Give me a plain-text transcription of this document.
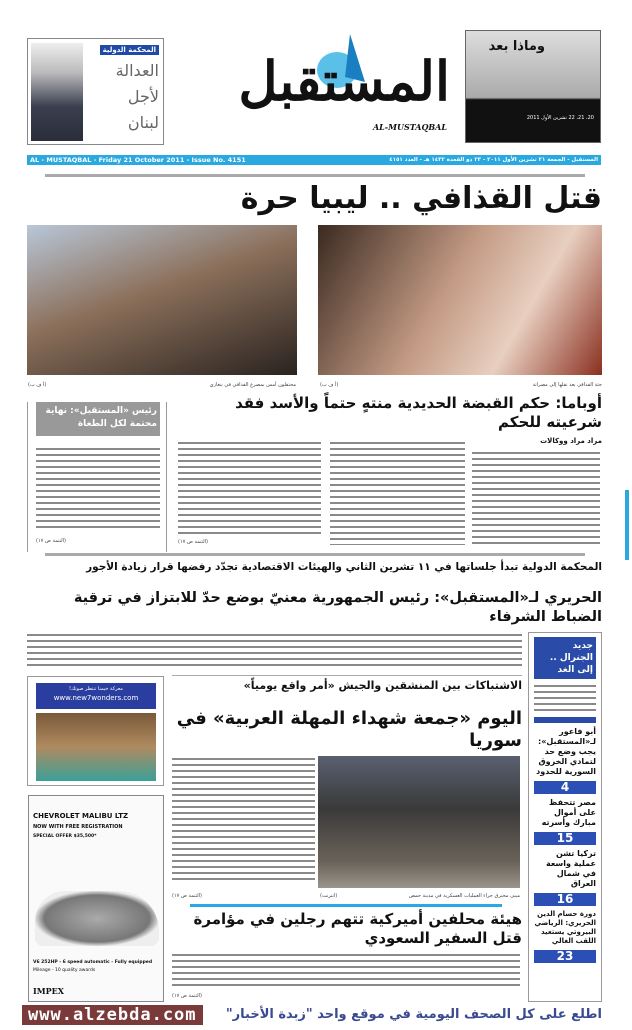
المحكمة الدولية
العدالة
لأجل
لبنان
المستقبل
AL-MUSTAQBAL
وماذا بعد
20، 21، 22 تشرين الأول 2011
AL - MUSTAQBAL - Friday 21 October 2011 - Issue No. 4151	المستقبل - الجمعة ٢١ تشرين الأول ٢٠١١ - ٢٣ ذو القعدة ١٤٣٢ هـ - العدد ٤١٥١
قتل القذافي .. ليبيا حرة
محتفلون أمس بمصرع القذافي في بنغازي
(أ ف ب)	جثة القذافي بعد نقلها إلى مصراتة
(أ ف ب)
أوباما: حكم القبضة الحديدية منتهٍ حتماً والأسد فقد شرعيته للحكم
رئيس «المستقبل»: نهاية محتمة لكل الطغاة
(التتمة ص ١٧)
مراد مراد ووكالات
(التتمة ص ١٧)
المحكمة الدولية تبدأ جلساتها في ١١ تشرين الثاني والهيئات الاقتصادية تجدّد رفضها قرار زيادة الأجور
الحريري لـ«المستقبل»: رئيس الجمهورية معنيّ بوضع حدّ للابتزاز في ترقية الضباط الشرفاء
جديد الجنرال .. إلى الغد
أبو فاعور لـ«المستقبل»: يجب وضع حد لتمادي الخروق السورية للحدود
4
مصر تتحفظ على أموال مبارك وأسرته
15
تركيا تشن عملية واسعة في شمال العراق
16
دورة حسام الدين الحريري: الرياضي البيروتي يستعيد اللقب الغالي
23
معركة خيمنا تنتظر صوتك!
www.new7wonders.com
CHEVROLET MALIBU LTZ
NOW WITH FREE REGISTRATION
SPECIAL OFFER $35,500*
V6 252HP - 6 speed automatic - Fully equipped
Mileage - 10 quality awards
IMPEX
الاشتباكات بين المنشقين والجيش «أمر واقع يومياً»
اليوم «جمعة شهداء المهلة العربية» في سوريا
(التتمة ص ١٧)	مبنى محترق جراء العمليات العسكرية في مدينة حمص
(انترنت)
هيئة محلفين أميركية تتهم رجلين في مؤامرة قتل السفير السعودي
(التتمة ص ١٧)
www.alzebda.com	اطلع على كل الصحف اليومية في موقع واحد "زبدة الأخبار"
